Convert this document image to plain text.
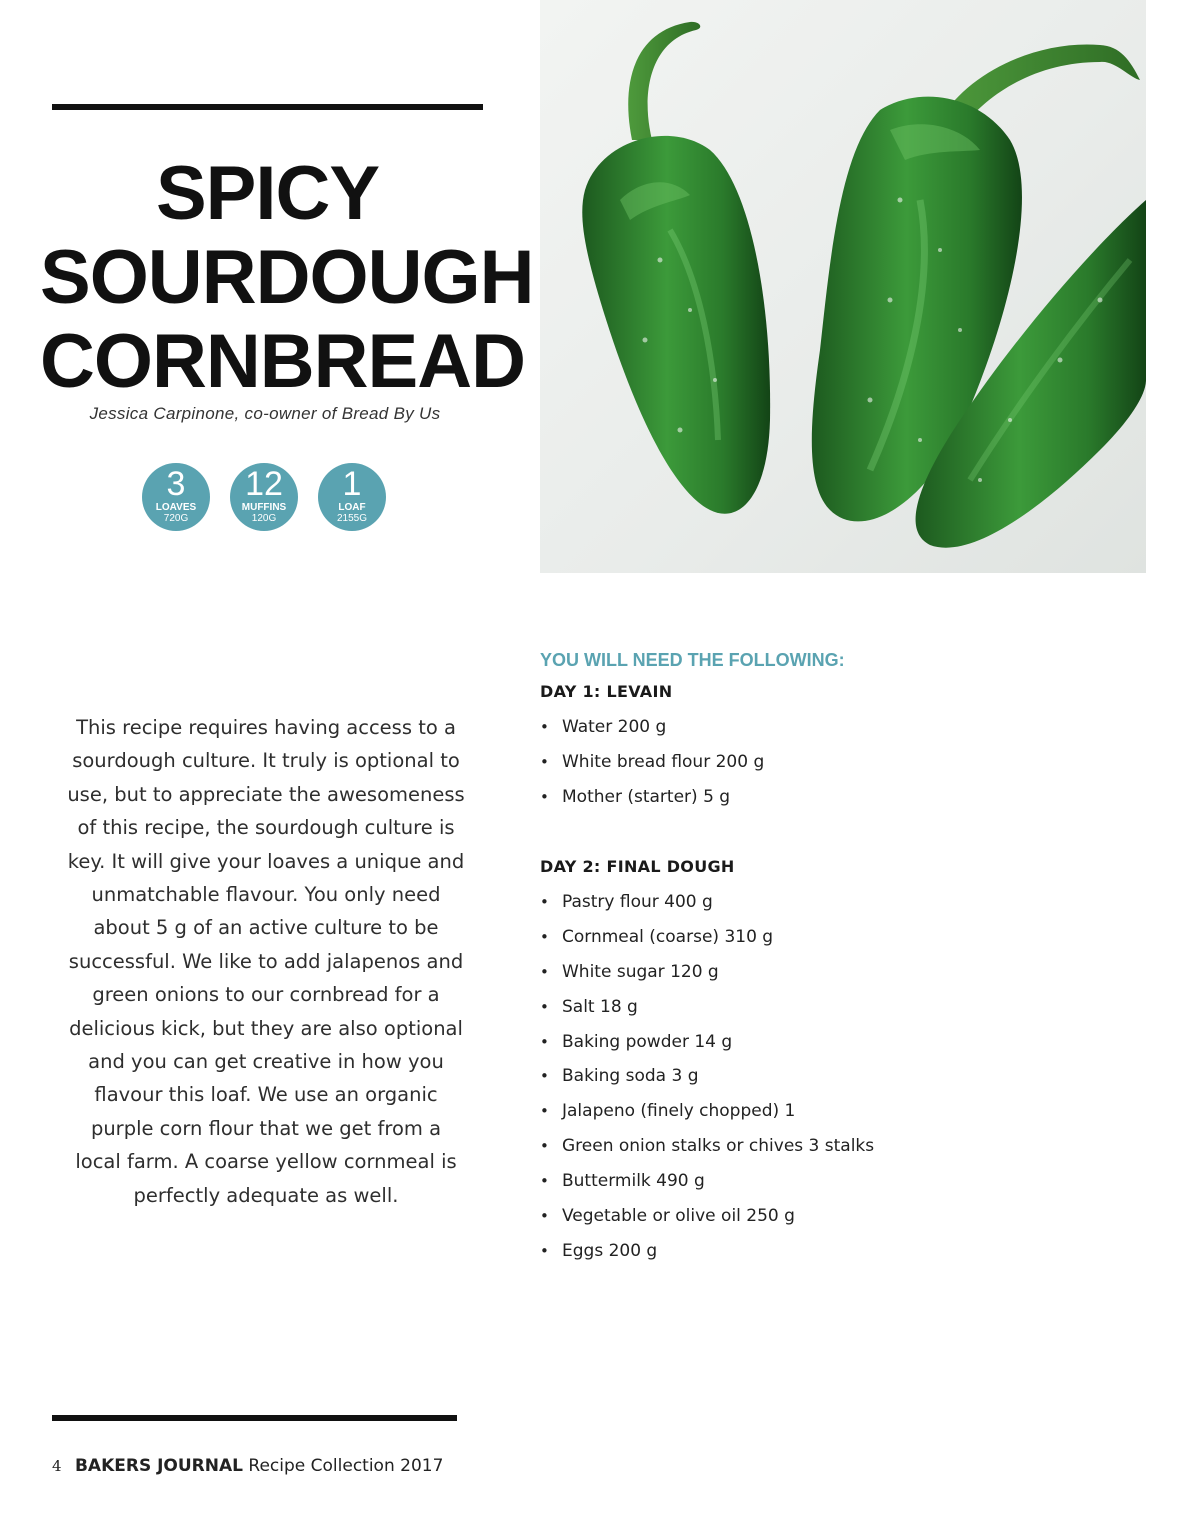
SPICY
SOURDOUGH
CORNBREAD
Jessica Carpinone, co-owner of Bread By Us
3
LOAVES
720G
12
MUFFINS
120G
1
LOAF
2155G
This recipe requires having access to a sourdough culture. It truly is optional to use, but to appreciate the awesomeness of this recipe, the sourdough culture is key. It will give your loaves a unique and unmatchable flavour. You only need about 5 g of an active culture to be successful. We like to add jalapenos and green onions to our cornbread for a delicious kick, but they are also optional and you can get creative in how you flavour this loaf. We use an organic purple corn flour that we get from a local farm. A coarse yellow cornmeal is perfectly adequate as well.
YOU WILL NEED THE FOLLOWING:
DAY 1: LEVAIN
• Water 200 g
• White bread flour 200 g
• Mother (starter) 5 g
DAY 2: FINAL DOUGH
• Pastry flour 400 g
• Cornmeal (coarse) 310 g
• White sugar 120 g
• Salt 18 g
• Baking powder 14 g
• Baking soda 3 g
• Jalapeno (finely chopped) 1
• Green onion stalks or chives 3 stalks
• Buttermilk 490 g
• Vegetable or olive oil 250 g
• Eggs 200 g
4 BAKERS JOURNAL Recipe Collection 2017
